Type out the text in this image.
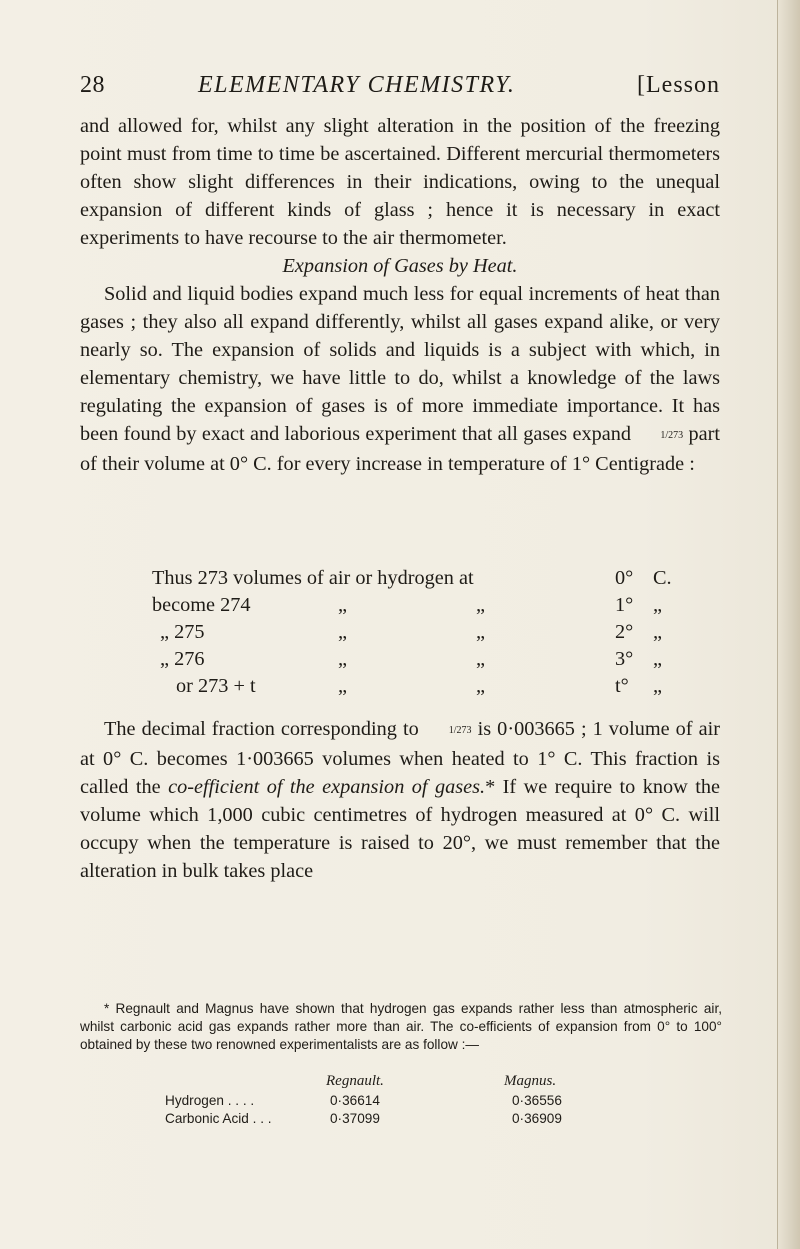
28	ELEMENTARY CHEMISTRY.	[Lesson

and allowed for, whilst any slight alteration in the position of the freezing point must from time to time be ascertained. Different mercurial thermometers often show slight differences in their indications, owing to the unequal expansion of different kinds of glass ; hence it is necessary in exact experiments to have recourse to the air thermometer.

Expansion of Gases by Heat.

Solid and liquid bodies expand much less for equal increments of heat than gases ; they also all expand differently, whilst all gases expand alike, or very nearly so. The expansion of solids and liquids is a subject with which, in elementary chemistry, we have little to do, whilst a knowledge of the laws regulating the expansion of gases is of more immediate importance. It has been found by exact and laborious experiment that all gases expand	1/273 part of their volume at 0° C. for every increase in temperature of 1° Centigrade :

Thus 273 volumes of air or hydrogen at	0° C.
become 274	„	„	1° „
„ 275	„	„	2° „
„ 276	„	„	3° „
or 273 + t	„	„	t° „

The decimal fraction corresponding to	1/273 is 0·003665 ; 1 volume of air at 0° C. becomes 1·003665 volumes when heated to 1° C. This fraction is called the co-efficient of the expansion of gases.* If we require to know the volume which 1,000 cubic centimetres of hydrogen measured at 0° C. will occupy when the temperature is raised to 20°, we must remember that the alteration in bulk takes place

* Regnault and Magnus have shown that hydrogen gas expands rather less than atmospheric air, whilst carbonic acid gas expands rather more than air. The co-efficients of expansion from 0° to 100° obtained by these two renowned experimentalists are as follow :—

Regnault.	Magnus.
Hydrogen . . . .	0·36614	0·36556
Carbonic Acid . . .	0·37099	0·36909
